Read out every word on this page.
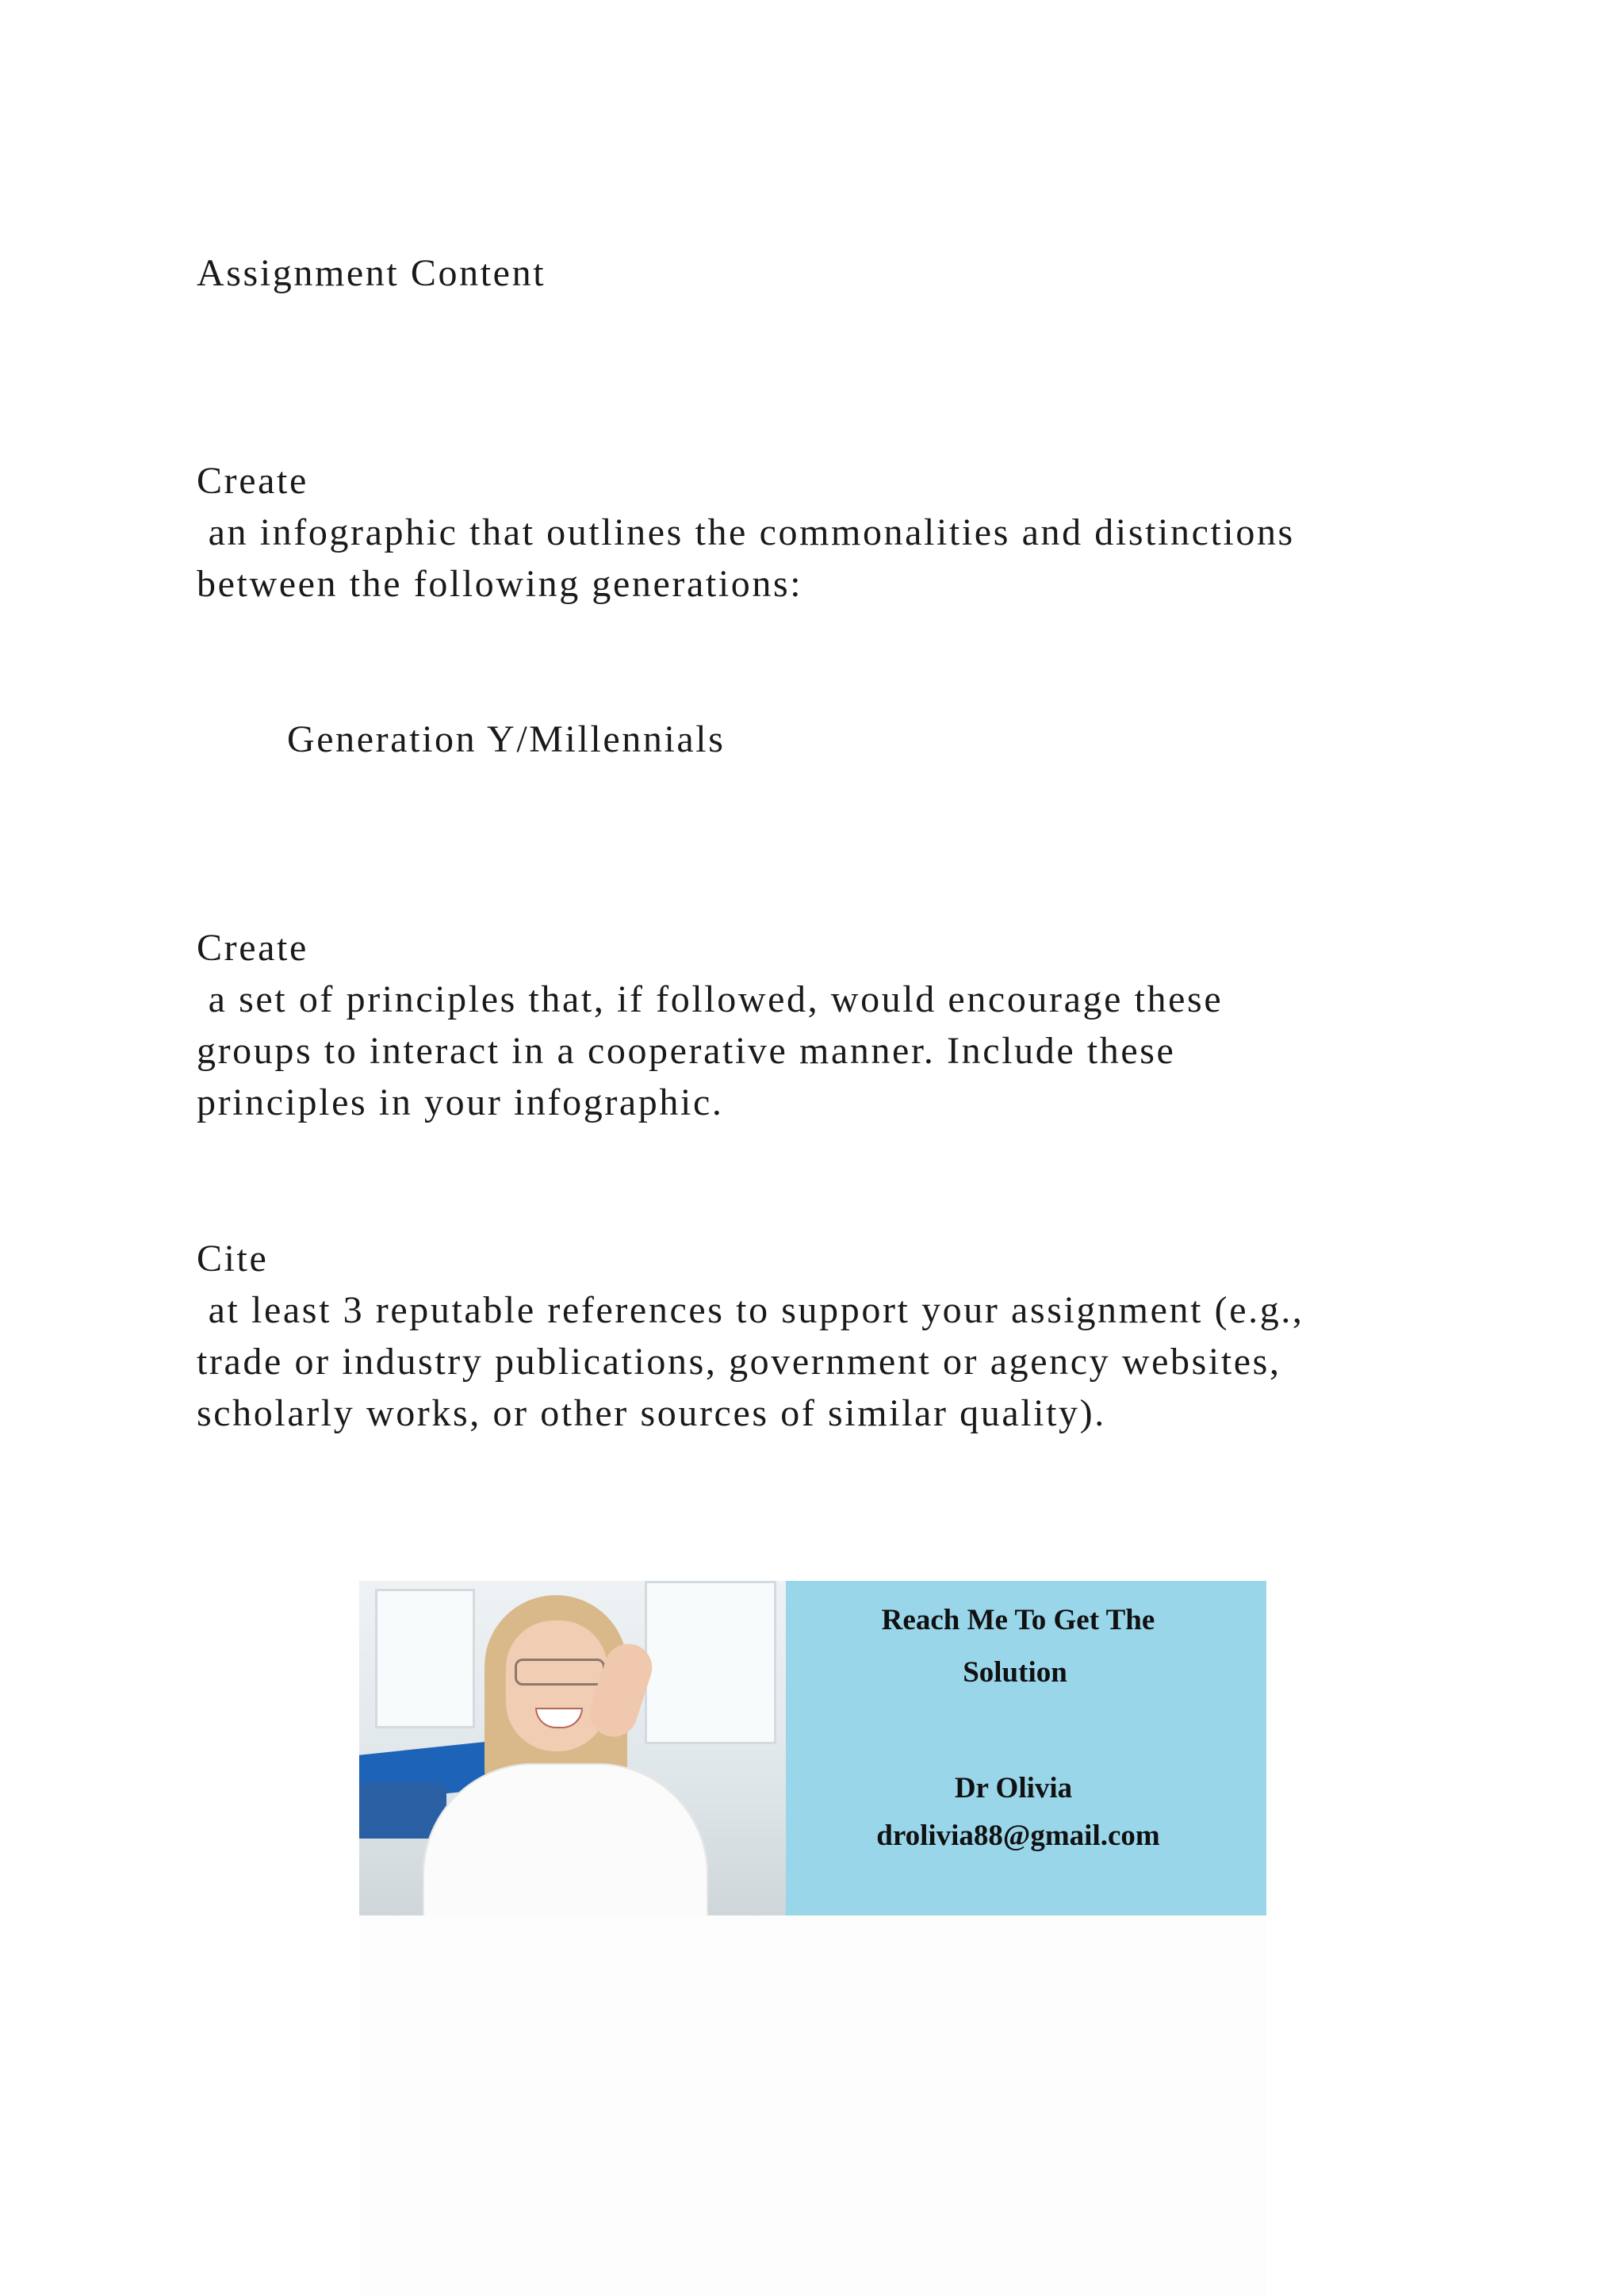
Assignment Content
Create
an infographic that outlines the commonalities and distinctions
between the following generations:
Generation Y/Millennials
Create
a set of principles that, if followed, would encourage these
groups to interact in a cooperative manner. Include these
principles in your infographic.
Cite
at least 3 reputable references to support your assignment (e.g.,
trade or industry publications, government or agency websites,
scholarly works, or other sources of similar quality).
Reach Me To Get The
Solution
Dr Olivia
drolivia88@gmail.com
